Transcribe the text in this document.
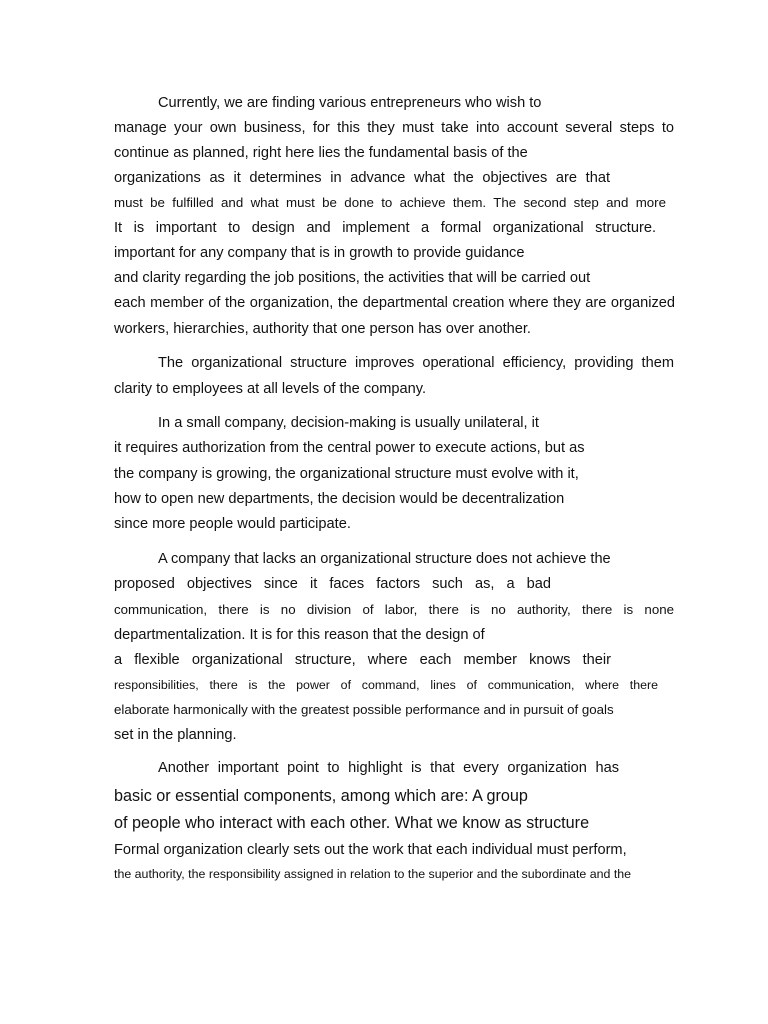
Currently, we are finding various entrepreneurs who wish to
manage your own business, for this they must take into account several steps to
continue as planned, right here lies the fundamental basis of the
organizations as it determines in advance what the objectives are that
must be fulfilled and what must be done to achieve them. The second step and more
It is important to design and implement a formal organizational structure.
important for any company that is in growth to provide guidance
and clarity regarding the job positions, the activities that will be carried out
each member of the organization, the departmental creation where they are organized
workers, hierarchies, authority that one person has over another.
The organizational structure improves operational efficiency, providing them
clarity to employees at all levels of the company.
In a small company, decision-making is usually unilateral, it
it requires authorization from the central power to execute actions, but as
the company is growing, the organizational structure must evolve with it,
how to open new departments, the decision would be decentralization
since more people would participate.
A company that lacks an organizational structure does not achieve the
proposed objectives since it faces factors such as, a bad
communication, there is no division of labor, there is no authority, there is none
departmentalization. It is for this reason that the design of
a flexible organizational structure, where each member knows their
responsibilities, there is the power of command, lines of communication, where there
elaborate harmonically with the greatest possible performance and in pursuit of goals
set in the planning.
Another important point to highlight is that every organization has
basic or essential components, among which are: A group
of people who interact with each other. What we know as structure
Formal organization clearly sets out the work that each individual must perform,
the authority, the responsibility assigned in relation to the superior and the subordinate and the
